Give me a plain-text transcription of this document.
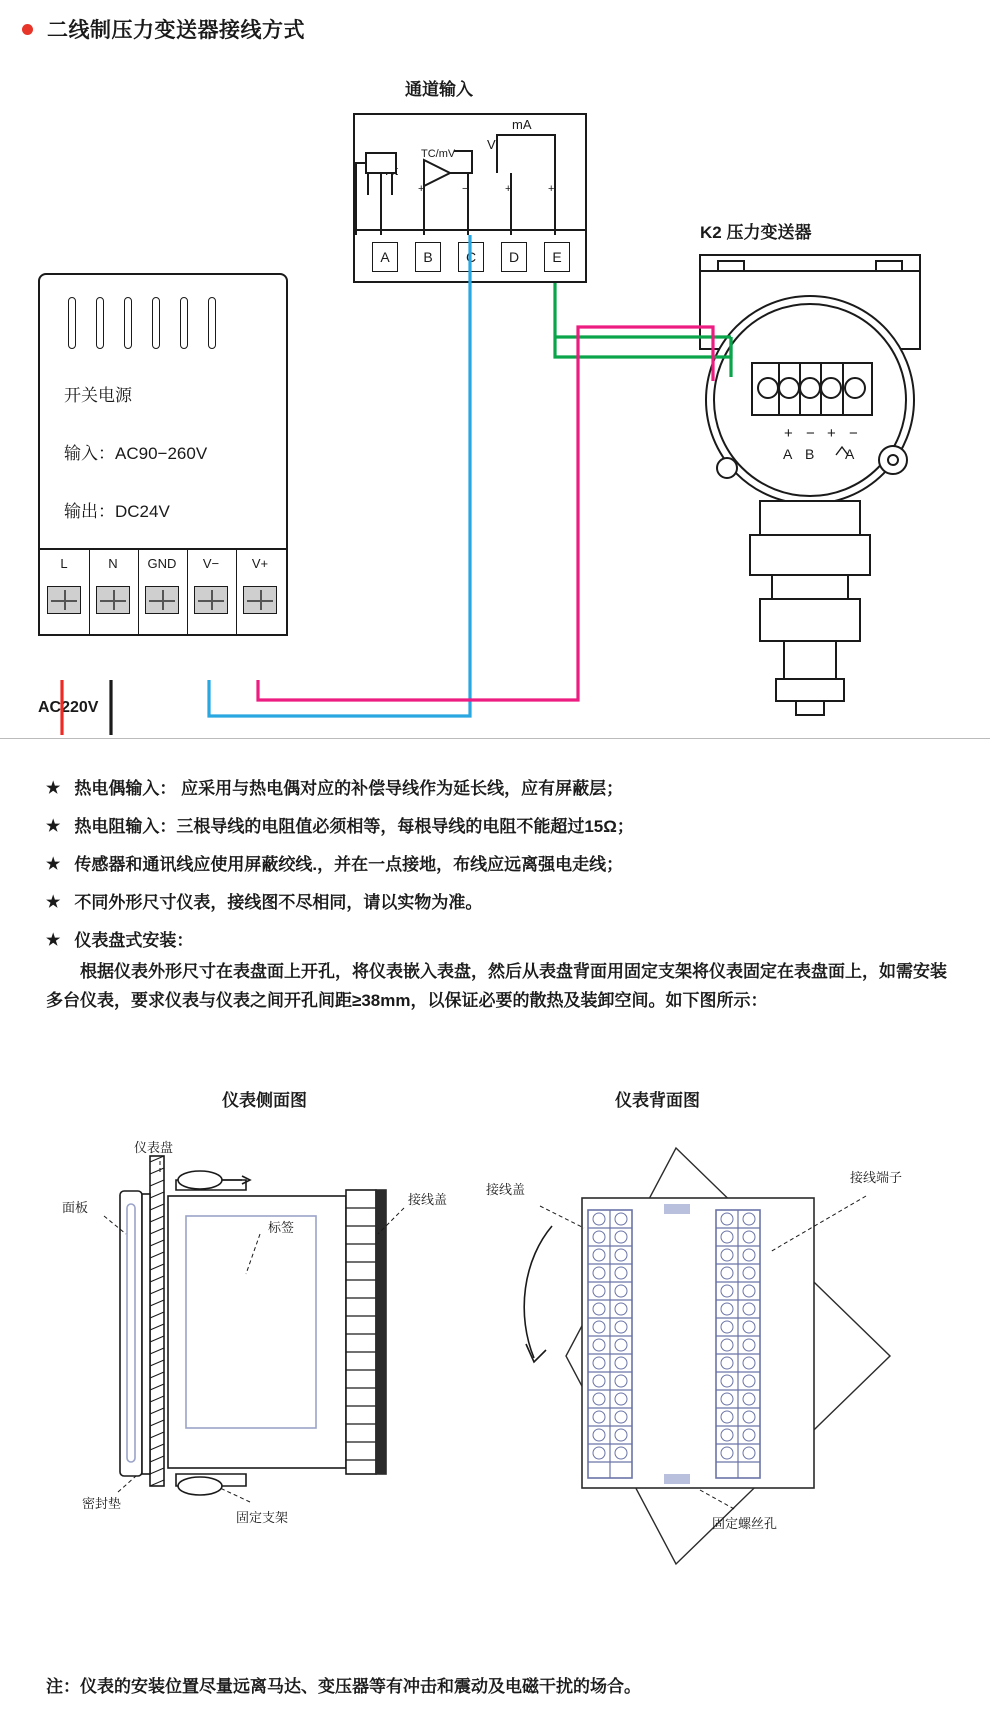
二线制压力变送器接线方式
通道输入
A	B	C	D	E
TC/mV
V
mA
+	−	+	+
开关电源
输入：AC90−260V
输出：DC24V
L	N	GND	V−	V+
AC220V
K2 压力变送器
+ − + −
A B A
★ 热电偶输入： 应采用与热电偶对应的补偿导线作为延长线，应有屏蔽层；
★ 热电阻输入：三根导线的电阻值必须相等，每根导线的电阻不能超过15Ω；
★ 传感器和通讯线应使用屏蔽绞线.，并在一点接地，布线应远离强电走线；
★ 不同外形尺寸仪表，接线图不尽相同，请以实物为准。
★ 仪表盘式安装：
根据仪表外形尺寸在表盘面上开孔，将仪表嵌入表盘，然后从表盘背面用固定支架将仪表固定在表盘面上，如需安装多台仪表，要求仪表与仪表之间开孔间距≥38mm，以保证必要的散热及装卸空间。如下图所示：
仪表侧面图	仪表背面图
仪表盘
面板
标签
接线盖
密封垫
固定支架
接线盖
接线端子
固定螺丝孔
注：仪表的安装位置尽量远离马达、变压器等有冲击和震动及电磁干扰的场合。
